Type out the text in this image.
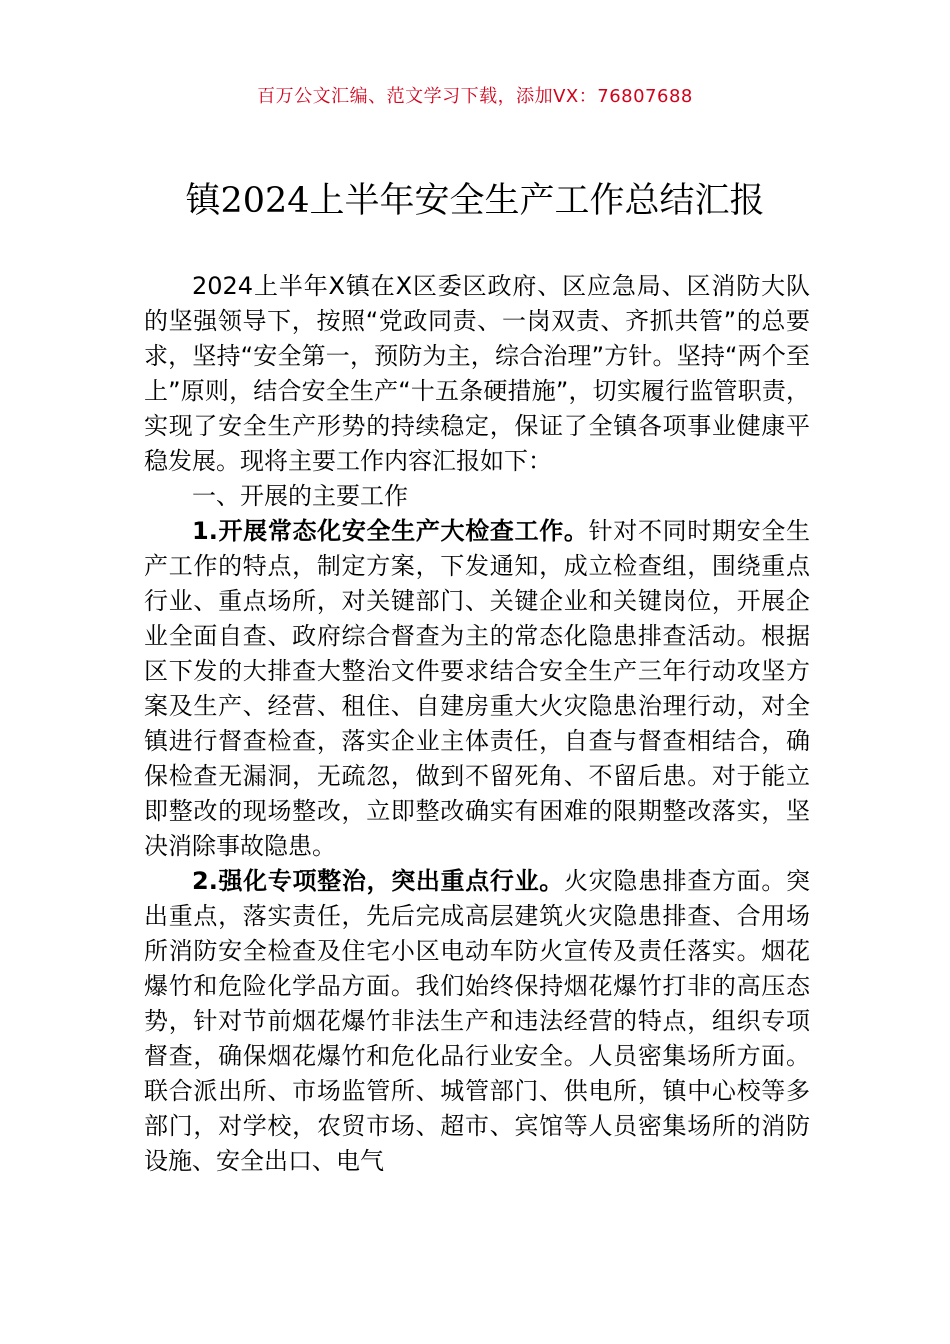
百万公文汇编、范文学习下载，添加VX：76807688
镇2024上半年安全生产工作总结汇报

2024上半年X镇在X区委区政府、区应急局、区消防大队的坚强领导下，按照“党政同责、一岗双责、齐抓共管”的总要求，坚持“安全第一，预防为主，综合治理”方针。坚持“两个至上”原则，结合安全生产“十五条硬措施”，切实履行监管职责，实现了安全生产形势的持续稳定，保证了全镇各项事业健康平稳发展。现将主要工作内容汇报如下：

一、开展的主要工作

1.开展常态化安全生产大检查工作。针对不同时期安全生产工作的特点，制定方案，下发通知，成立检查组，围绕重点行业、重点场所，对关键部门、关键企业和关键岗位，开展企业全面自查、政府综合督查为主的常态化隐患排查活动。根据区下发的大排查大整治文件要求结合安全生产三年行动攻坚方案及生产、经营、租住、自建房重大火灾隐患治理行动，对全镇进行督查检查，落实企业主体责任，自查与督查相结合，确保检查无漏洞，无疏忽，做到不留死角、不留后患。对于能立即整改的现场整改，立即整改确实有困难的限期整改落实，坚决消除事故隐患。

2.强化专项整治，突出重点行业。火灾隐患排查方面。突出重点，落实责任，先后完成高层建筑火灾隐患排查、合用场所消防安全检查及住宅小区电动车防火宣传及责任落实。烟花爆竹和危险化学品方面。我们始终保持烟花爆竹打非的高压态势，针对节前烟花爆竹非法生产和违法经营的特点，组织专项督查，确保烟花爆竹和危化品行业安全。人员密集场所方面。联合派出所、市场监管所、城管部门、供电所，镇中心校等多部门，对学校，农贸市场、超市、宾馆等人员密集场所的消防设施、安全出口、电气
